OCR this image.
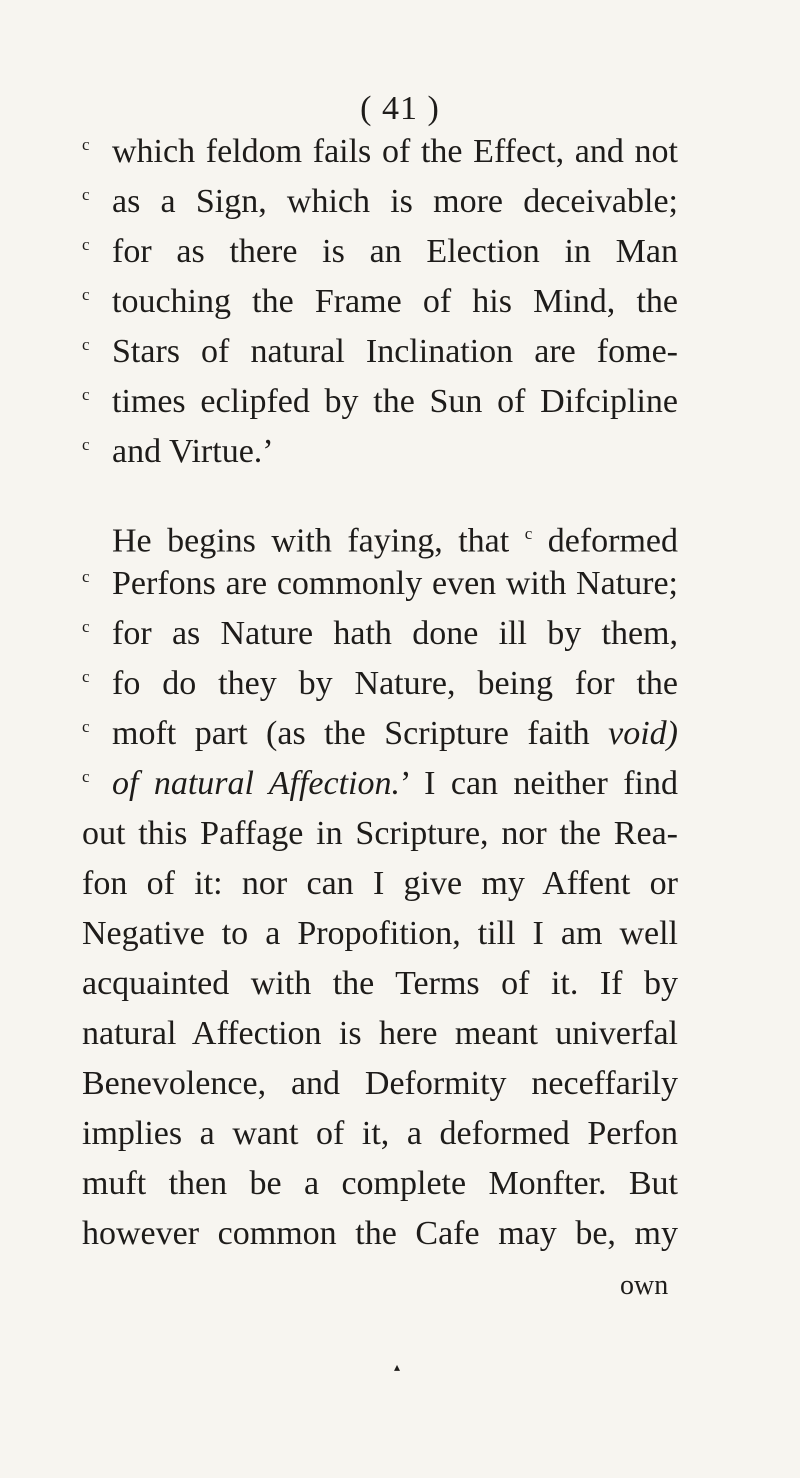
( 41 )
c which feldom fails of the Effect, and not
c as a Sign, which is more deceivable;
c for as there is an Election in Man
c touching the Frame of his Mind, the
c Stars of natural Inclination are fome-
c times eclipfed by the Sun of Difcipline
c and Virtue.’
He begins with faying, that $^c$ deformed
c Perfons are commonly even with Nature;
c for as Nature hath done ill by them,
c fo do they by Nature, being for the
c moft part (as the Scripture faith void)
c of natural Affection.’ I can neither find
out this Paffage in Scripture, nor the Rea-
fon of it: nor can I give my Affent or
Negative to a Propofition, till I am well
acquainted with the Terms of it. If by
natural Affection is here meant univerfal
Benevolence, and Deformity neceffarily
implies a want of it, a deformed Perfon
muft then be a complete Monfter. But
however common the Cafe may be, my
own
▴
